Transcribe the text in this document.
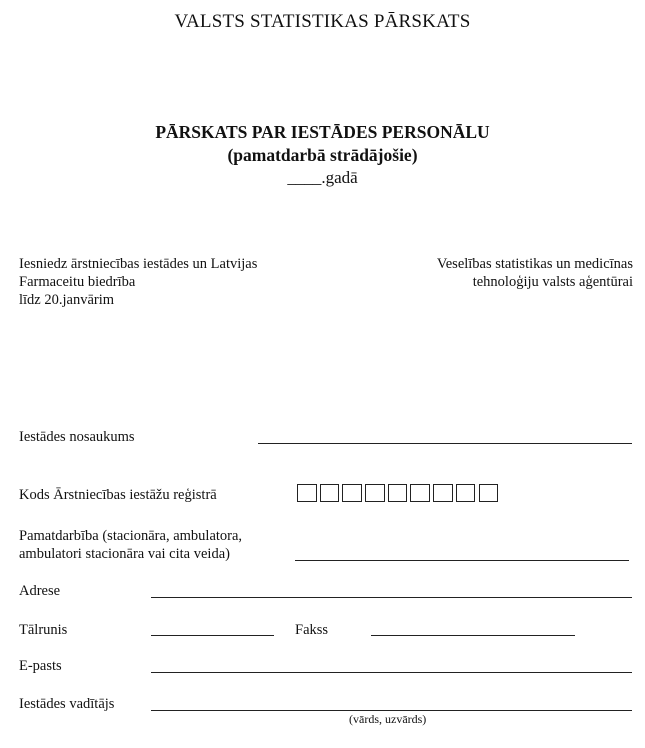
VALSTS STATISTIKAS PĀRSKATS
PĀRSKATS PAR IESTĀDES PERSONĀLU
(pamatdarbā strādājošie)
____.gadā
Iesniedz ārstniecības iestādes un Latvijas
Farmaceitu biedrība
līdz 20.janvārim
Veselības statistikas un medicīnas
tehnoloģiju valsts aģentūrai
Iestādes nosaukums
Kods Ārstniecības iestāžu reģistrā
Pamatdarbība (stacionāra, ambulatora,
ambulatori stacionāra vai cita veida)
Adrese
Tālrunis	Fakss
E-pasts
Iestādes vadītājs
(vārds, uzvārds)
